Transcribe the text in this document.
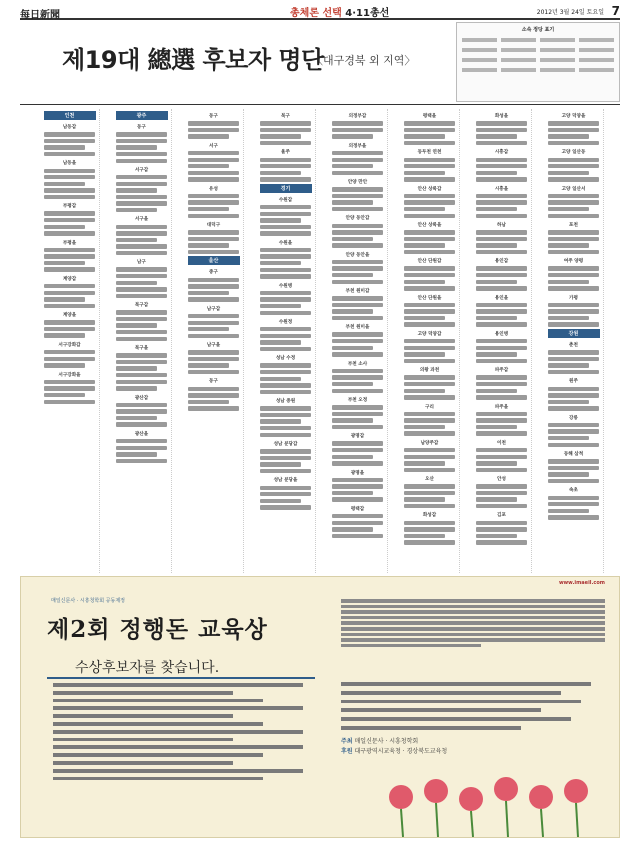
每日新聞	총체론 선택 4·11총선	2012년 3월 24일 토요일 7
제19대 總選 후보자 명단
〈대구경북 외 지역〉
소속 정당 표기
인천
남동갑
남동을
부평갑
부평을
계양갑
계양을
서구강화갑
서구강화을
광주
동구
서구갑
서구을
남구
북구갑
북구을
광산갑
광산을
동구
서구
유성
대덕구
울산
중구
남구갑
남구을
동구
북구
울주
경기
수원갑
수원을
수원병
수원정
성남 수정
성남 중원
성남 분당갑
성남 분당을
의정부갑
의정부을
안양 만안
안양 동안갑
안양 동안을
부천 원미갑
부천 원미을
부천 소사
부천 오정
광명갑
광명을
평택갑
평택을
동두천 연천
안산 상록갑
안산 상록을
안산 단원갑
안산 단원을
고양 덕양갑
의왕 과천
구리
남양주갑
오산
화성갑
화성을
시흥갑
시흥을
하남
용인갑
용인을
용인병
파주갑
파주을
이천
안성
김포
고양 덕양을
고양 일산동
고양 일산서
포천
여주 양평
가평
강원
춘천
원주
강릉
동해 삼척
속초
www.imaeil.com
매일신문사 · 시흥청학회 공동제정
제2회 정행돈 교육상
수상후보자를 찾습니다.
주최 매일신문사 · 시흥청학회
후원 대구광역시교육청 · 경상북도교육청
